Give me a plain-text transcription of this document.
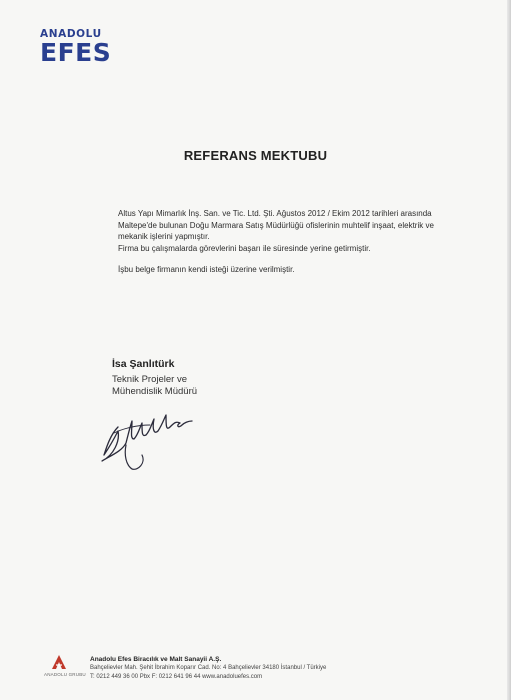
ANADOLU
EFES
REFERANS MEKTUBU

Altus Yapı Mimarlık İnş. San. ve Tic. Ltd. Şti. Ağustos 2012 / Ekim 2012 tarihleri arasında Maltepe'de bulunan Doğu Marmara Satış Müdürlüğü ofislerinin muhtelif inşaat, elektrik ve mekanik işlerini yapmıştır.

Firma bu çalışmalarda görevlerini başarı ile süresinde yerine getirmiştir.

İşbu belge firmanın kendi isteği üzerine verilmiştir.

İsa Şanlıtürk
Teknik Projeler ve
Mühendislik Müdürü
ANADOLU GRUBU
Anadolu Efes Biracılık ve Malt Sanayii A.Ş.
Bahçelievler Mah. Şehit İbrahim Koparır Cad. No: 4 Bahçelievler 34180 İstanbul / Türkiye
T: 0212 449 36 00 Pbx F: 0212 641 96 44 www.anadoluefes.com
